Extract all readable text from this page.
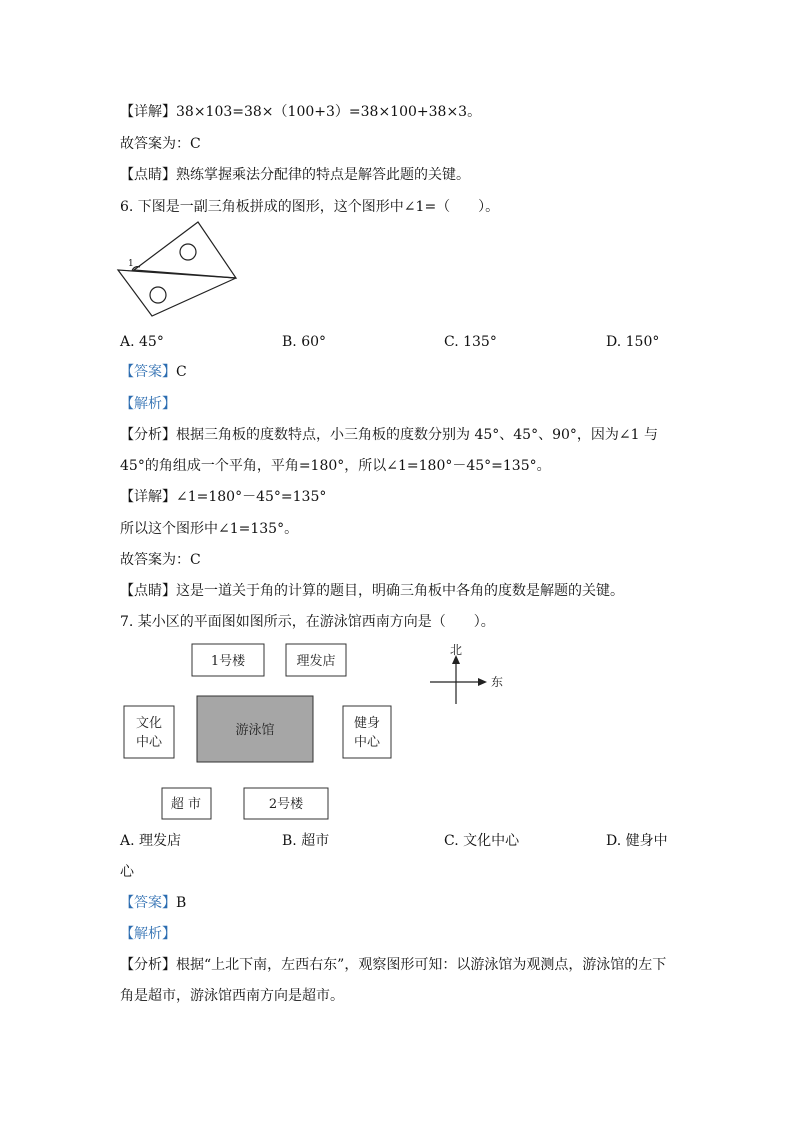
【详解】38×103=38×（100+3）=38×100+38×3。
故答案为：C
【点睛】熟练掌握乘法分配律的特点是解答此题的关键。
6. 下图是一副三角板拼成的图形，这个图形中∠1=（　　）。
1
A. 45°	B. 60°	C. 135°	D. 150°
【答案】C
【解析】
【分析】根据三角板的度数特点，小三角板的度数分别为 45°、45°、90°，因为∠1 与
45°的角组成一个平角，平角=180°，所以∠1=180°－45°=135°。
【详解】∠1=180°－45°=135°
所以这个图形中∠1=135°。
故答案为：C
【点睛】这是一道关于角的计算的题目，明确三角板中各角的度数是解题的关键。
7. 某小区的平面图如图所示，在游泳馆西南方向是（　　）。
1号楼	理发店
文化
中心
游泳馆	健身
中心
超 市	2号楼
北
东
A. 理发店	B. 超市	C. 文化中心	D. 健身中
心
【答案】B
【解析】
【分析】根据“上北下南，左西右东”，观察图形可知：以游泳馆为观测点，游泳馆的左下
角是超市，游泳馆西南方向是超市。
